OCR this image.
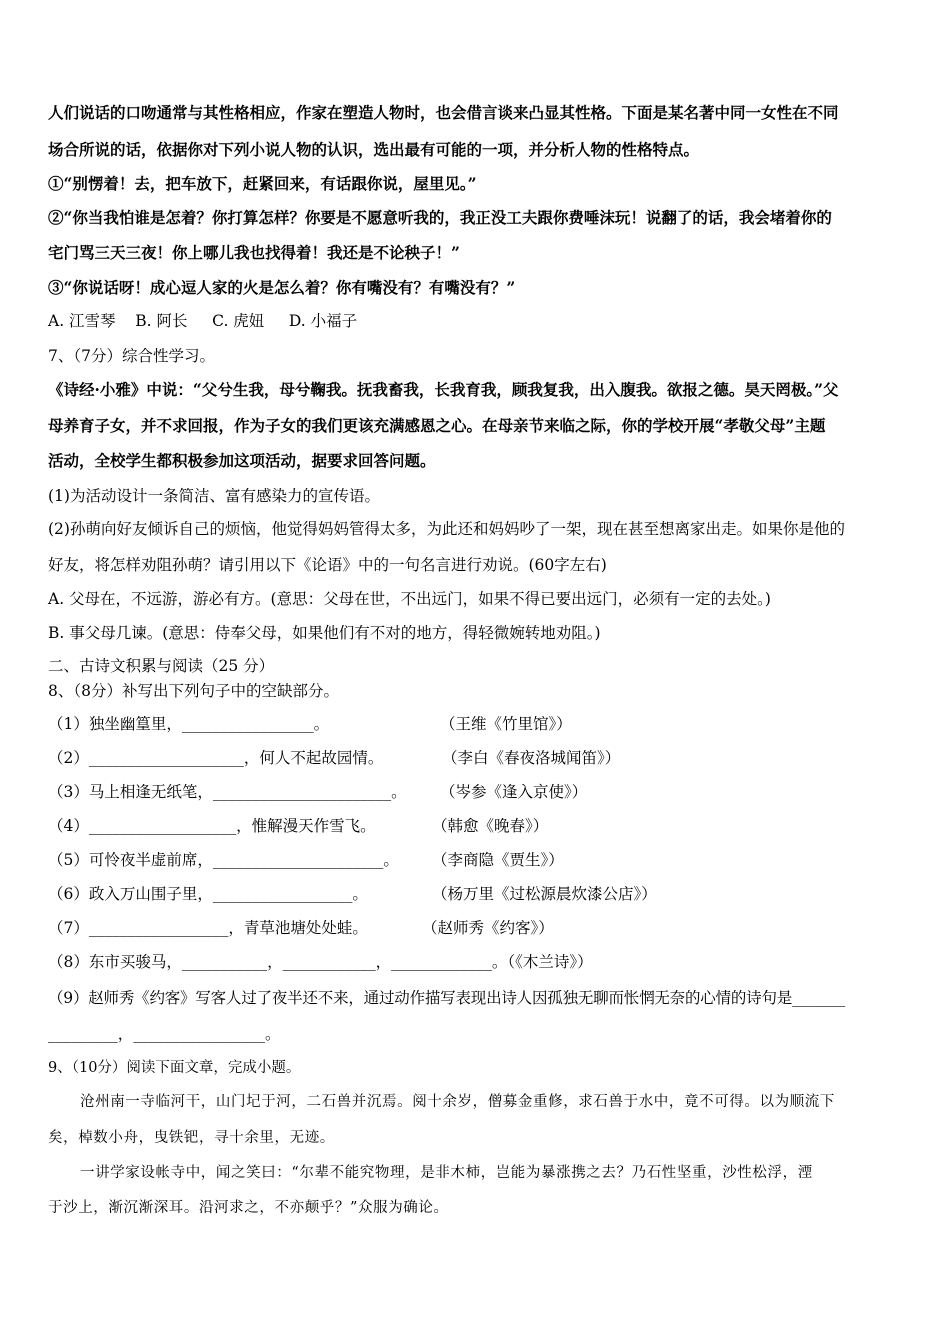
人们说话的口吻通常与其性格相应，作家在塑造人物时，也会借言谈来凸显其性格。下面是某名著中同一女性在不同
场合所说的话，依据你对下列小说人物的认识，选出最有可能的一项，并分析人物的性格特点。
①“别愣着！去，把车放下，赶紧回来，有话跟你说，屋里见。”
②“你当我怕谁是怎着？你打算怎样？你要是不愿意听我的，我正没工夫跟你费唾沫玩！说翻了的话，我会堵着你的
宅门骂三天三夜！你上哪儿我也找得着！我还是不论秧子！”
③“你说话呀！成心逗人家的火是怎么着？你有嘴没有？有嘴没有？”
A. 江雪琴    B. 阿长     C. 虎妞     D. 小福子
7、（7分）综合性学习。
《诗经·小雅》中说：“父兮生我，母兮鞠我。抚我畜我，长我育我，顾我复我，出入腹我。欲报之德。昊天罔极。”父
母养育子女，并不求回报，作为子女的我们更该充满感恩之心。在母亲节来临之际，你的学校开展“孝敬父母”主题
活动，全校学生都积极参加这项活动，据要求回答问题。
(1)为活动设计一条简洁、富有感染力的宣传语。
(2)孙萌向好友倾诉自己的烦恼，他觉得妈妈管得太多，为此还和妈妈吵了一架，现在甚至想离家出走。如果你是他的
好友，将怎样劝阻孙萌？请引用以下《论语》中的一句名言进行劝说。(60字左右)
A. 父母在，不远游，游必有方。(意思：父母在世，不出远门，如果不得已要出远门，必须有一定的去处。)
B. 事父母几谏。(意思：侍奉父母，如果他们有不对的地方，得轻微婉转地劝阻。)
二、古诗文积累与阅读（25 分）
8、（8分）补写出下列句子中的空缺部分。
（1）独坐幽篁里，_________________。	（王维《竹里馆》）
（2）____________________，何人不起故园情。	（李白《春夜洛城闻笛》）
（3）马上相逢无纸笔，_______________________。 （岑参《逢入京使》）
（4）___________________，惟解漫天作雪飞。	（韩愈《晚春》）
（5）可怜夜半虚前席，______________________。 （李商隐《贾生》）
（6）政入万山围子里，__________________。	（杨万里《过松源晨炊漆公店》）
（7）__________________，青草池塘处处蛙。	（赵师秀《约客》）
（8）东市买骏马，___________，____________，_____________。（《木兰诗》）
（9）赵师秀《约客》写客人过了夜半还不来，通过动作描写表现出诗人因孤独无聊而怅惘无奈的心情的诗句是_______
_________，_________________。
9、（10分）阅读下面文章，完成小题。
沧州南一寺临河干，山门圮于河，二石兽并沉焉。阅十余岁，僧募金重修，求石兽于水中，竟不可得。以为顺流下
矣，棹数小舟，曳铁钯，寻十余里，无迹。
一讲学家设帐寺中，闻之笑曰：“尔辈不能究物理，是非木柿，岂能为暴涨携之去？乃石性坚重，沙性松浮，湮
于沙上，渐沉渐深耳。沿河求之，不亦颠乎？”众服为确论。
